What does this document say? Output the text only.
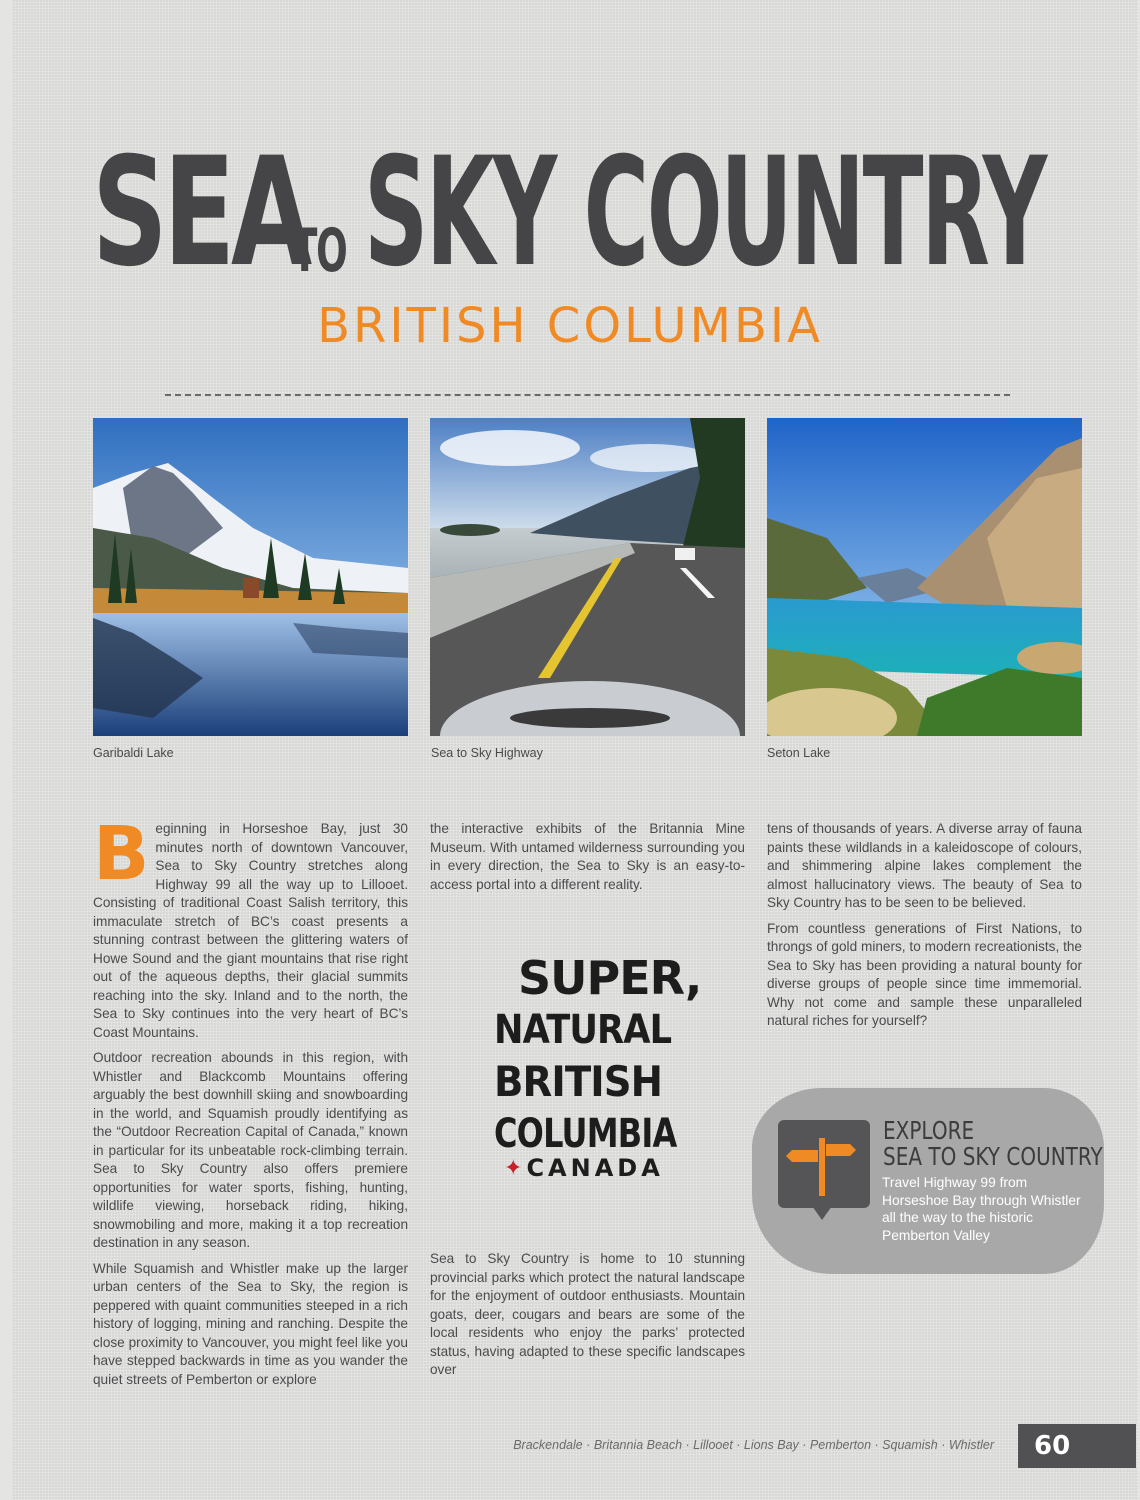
SEA
TO SKY COUNTRY
BRITISH COLUMBIA
Garibaldi Lake	Sea to Sky Highway	Seton Lake

Beginning in Horseshoe Bay, just 30 minutes north of downtown Vancouver, Sea to Sky Country stretches along Highway 99 all the way up to Lillooet. Consisting of traditional Coast Salish territory, this immaculate stretch of BC’s coast presents a stunning contrast between the glittering waters of Howe Sound and the giant mountains that rise right out of the aqueous depths, their glacial summits reaching into the sky. Inland and to the north, the Sea to Sky continues into the very heart of BC’s Coast Mountains.

Outdoor recreation abounds in this region, with Whistler and Blackcomb Mountains offering arguably the best downhill skiing and snowboarding in the world, and Squamish proudly identifying as the “Outdoor Recreation Capital of Canada,” known in particular for its unbeatable rock-climbing terrain. Sea to Sky Country also offers premiere opportunities for water sports, fishing, hunting, wildlife viewing, horseback riding, hiking, snowmobiling and more, making it a top recreation destination in any season.

While Squamish and Whistler make up the larger urban centers of the Sea to Sky, the region is peppered with quaint communities steeped in a rich history of logging, mining and ranching. Despite the close proximity to Vancouver, you might feel like you have stepped backwards in time as you wander the quiet streets of Pemberton or explore

the interactive exhibits of the Britannia Mine Museum. With untamed wilderness surrounding you in every direction, the Sea to Sky is an easy-to-access portal into a different reality.

Sea to Sky Country is home to 10 stunning provincial parks which protect the natural landscape for the enjoyment of outdoor enthusiasts. Mountain goats, deer, cougars and bears are some of the local residents who enjoy the parks’ protected status, having adapted to these specific landscapes over

tens of thousands of years. A diverse array of fauna paints these wildlands in a kaleidoscope of colours, and shimmering alpine lakes complement the almost hallucinatory views. The beauty of Sea to Sky Country has to be seen to be believed.

From countless generations of First Nations, to throngs of gold miners, to modern recreationists, the Sea to Sky has been providing a natural bounty for diverse groups of people since time immemorial. Why not come and sample these unparalleled natural riches for yourself?

SUPER,
NATURAL
BRITISH
COLUMBIA
✦ CANADA
EXPLORE
SEA TO SKY COUNTRY
Travel Highway 99 from Horseshoe Bay through Whistler all the way to the historic Pemberton Valley
Brackendale · Britannia Beach · Lillooet · Lions Bay · Pemberton · Squamish · Whistler	60
